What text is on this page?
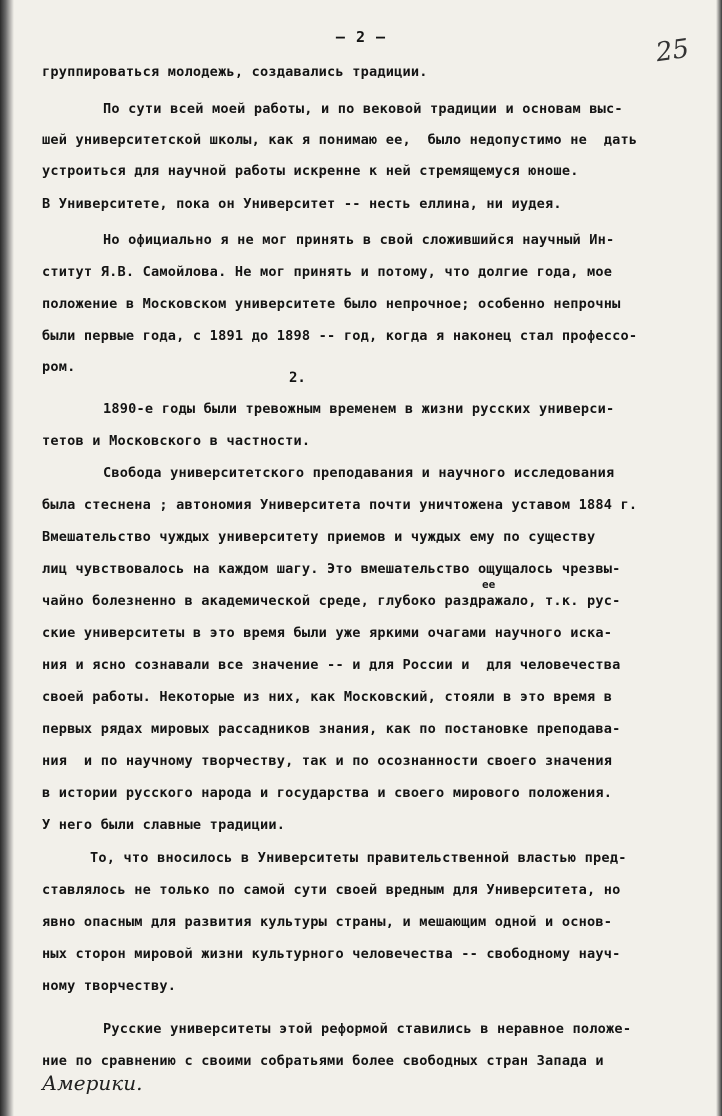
— 2 —	25
группироваться молодежь, создавались традиции.
По сути всей моей работы, и по вековой традиции и основам выс-
шей университетской школы, как я понимаю ее,  было недопустимо не  дать
устроиться для научной работы искренне к ней стремящемуся юноше.
В Университете, пока он Университет -- несть еллина, ни иудея.
Но официально я не мог принять в свой сложившийся научный Ин-
ститут Я.В. Самойлова. Не мог принять и потому, что долгие года, мое
положение в Московском университете было непрочное; особенно непрочны
были первые года, с 1891 до 1898 -- год, когда я наконец стал профессо-
ром.
2.
1890-е годы были тревожным временем в жизни русских универси-
тетов и Московского в частности.
Свобода университетского преподавания и научного исследования
была стеснена ; автономия Университета почти уничтожена уставом 1884 г.
Вмешательство чуждых университету приемов и чуждых ему по существу
лиц чувствовалось на каждом шагу. Это вмешательство ощущалось чрезвы-
ее
чайно болезненно в академической среде, глубоко раздражало, т.к. рус-
ские университеты в это время были уже яркими очагами научного иска-
ния и ясно сознавали все значение -- и для России и  для человечества
своей работы. Некоторые из них, как Московский, стояли в это время в
первых рядах мировых рассадников знания, как по постановке преподава-
ния  и по научному творчеству, так и по осознанности своего значения
в истории русского народа и государства и своего мирового положения.
У него были славные традиции.
То, что вносилось в Университеты правительственной властью пред-
ставлялось не только по самой сути своей вредным для Университета, но
явно опасным для развития культуры страны, и мешающим одной и основ-
ных сторон мировой жизни культурного человечества -- свободному науч-
ному творчеству.
Русские университеты этой реформой ставились в неравное положе-
ние по сравнению с своими собратьями более свободных стран Запада и
Америки.
